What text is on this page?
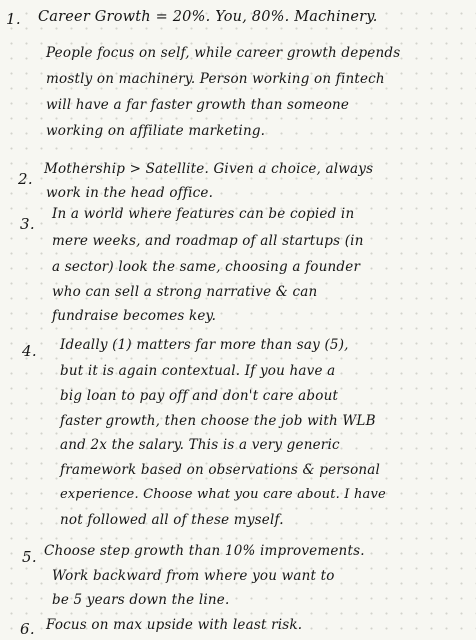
1. Career Growth = 20%. You, 80%. Machinery.
People focus on self, while career growth depends
mostly on machinery. Person working on fintech
will have a far faster growth than someone
working on affiliate marketing.
2.
Mothership > Satellite. Given a choice, always
work in the head office.
3.
In a world where features can be copied in
mere weeks, and roadmap of all startups (in
a sector) look the same, choosing a founder
who can sell a strong narrative & can
fundraise becomes key.
4. Ideally (1) matters far more than say (5),
but it is again contextual. If you have a
big loan to pay off and don't care about
faster growth, then choose the job with WLB
and 2x the salary. This is a very generic
framework based on observations & personal
experience. Choose what you care about. I have
not followed all of these myself.
5. Choose step growth than 10% improvements.
Work backward from where you want to
be 5 years down the line.
6. Focus on max upside with least risk.
